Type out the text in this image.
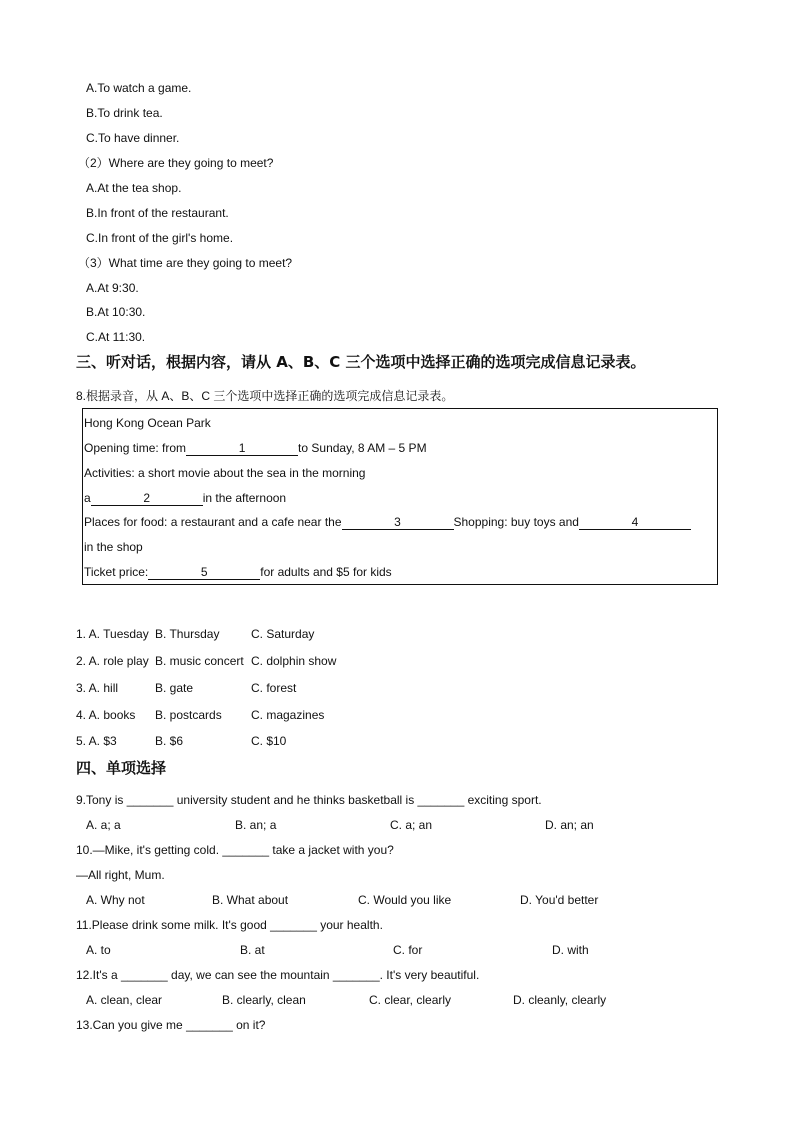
A.To watch a game.
B.To drink tea.
C.To have dinner.
（2）Where are they going to meet?
A.At the tea shop.
B.In front of the restaurant.
C.In front of the girl's home.
（3）What time are they going to meet?
A.At 9:30.
B.At 10:30.
C.At 11:30.
三、听对话，根据内容，请从 A、B、C 三个选项中选择正确的选项完成信息记录表。
8.根据录音，从 A、B、C 三个选项中选择正确的选项完成信息记录表。
Hong Kong Ocean Park
Opening time: from	1	to Sunday, 8 AM – 5 PM
Activities: a short movie about the sea in the morning
a	2	in the afternoon
Places for food: a restaurant and a cafe near the	3	Shopping: buy toys and	4
in the shop
Ticket price:	5	for adults and $5 for kids
1. A. Tuesday B. Thursday	C. Saturday
2. A. role play B. music concert C. dolphin show
3. A. hill	B. gate	C. forest
4. A. books B. postcards C. magazines
5. A. $3	B. $6	C. $10
四、单项选择
9.Tony is _______ university student and he thinks basketball is _______ exciting sport.
A. a; a	B. an; a	C. a; an	D. an; an
10.—Mike, it's getting cold. _______ take a jacket with you?
—All right, Mum.
A. Why not	B. What about	C. Would you like	D. You'd better
11.Please drink some milk. It's good _______ your health.
A. to	B. at	C. for	D. with
12.It's a _______ day, we can see the mountain _______. It's very beautiful.
A. clean, clear	B. clearly, clean	C. clear, clearly	D. cleanly, clearly
13.Can you give me _______ on it?
